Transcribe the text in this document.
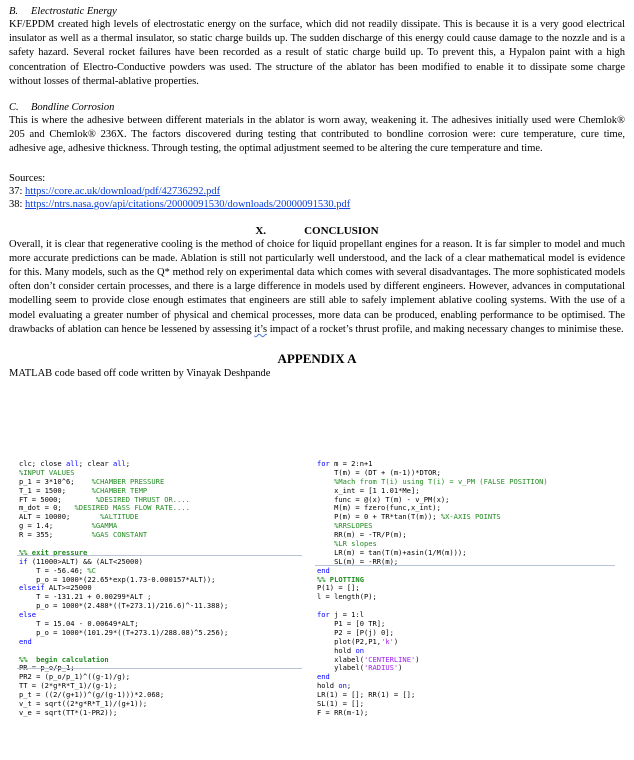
B. Electrostatic Energy

KF/EPDM created high levels of electrostatic energy on the surface, which did not readily dissipate. This is because it is a very good electrical insulator as well as a thermal insulator, so static charge builds up. The sudden discharge of this energy could cause damage to the nozzle and is a safety hazard. Several rocket failures have been recorded as a result of static charge build up. To prevent this, a Hypalon paint with a high concentration of Electro-Conductive powders was used. The structure of the ablator has been modified to enable it to dissipate some charge without losses of thermal-ablative properties.

C. Bondline Corrosion

This is where the adhesive between different materials in the ablator is worn away, weakening it. The adhesives initially used were Chemlok® 205 and Chemlok® 236X. The factors discovered during testing that contributed to bondline corrosion were: cure temperature, cure time, adhesive age, adhesive thickness. Through testing, the optimal adjustment seemed to be altering the cure temperature and time.

Sources:

37: https://core.ac.uk/download/pdf/42736292.pdf

38: https://ntrs.nasa.gov/api/citations/20000091530/downloads/20000091530.pdf

X.	CONCLUSION

Overall, it is clear that regenerative cooling is the method of choice for liquid propellant engines for a reason. It is far simpler to model and much more accurate predictions can be made. Ablation is still not particularly well understood, and the lack of a clear mathematical model is evidence for this. Many models, such as the Q* method rely on experimental data which comes with several disadvantages. The more sophisticated models often don’t consider certain processes, and there is a large difference in models used by different engineers. However, advances in computational modelling seem to provide close enough estimates that engineers are still able to safely implement ablative cooling systems. With the use of a model evaluating a greater number of physical and chemical processes, more data can be produced, enabling performance to be optimised. The drawbacks of ablation can hence be lessened by assessing it’s impact of a rocket’s thrust profile, and making necessary changes to minimise these.

APPENDIX A

MATLAB code based off code written by Vinayak Deshpande

clc; close all; clear all;
%INPUT VALUES
p_1 = 3*10^6;    %CHAMBER PRESSURE
T_1 = 1500;      %CHAMBER TEMP
FT = 5000;        %DESIRED THRUST OR....
m_dot = 0;   %DESIRED MASS FLOW RATE....
ALT = 10000;       %ALTITUDE
g = 1.4;         %GAMMA
R = 355;         %GAS CONSTANT
%% exit pressure
if (11000>ALT) && (ALT<25000)
T = -56.46; %C
p_o = 1000*(22.65*exp(1.73-0.000157*ALT));
elseif ALT>=25000
T = -131.21 + 0.00299*ALT ;
p_o = 1000*(2.488*((T+273.1)/216.6)^-11.388);
else
T = 15.04 - 0.00649*ALT;
p_o = 1000*(101.29*((T+273.1)/288.08)^5.256);
end
%%  begin calculation
PR = p_o/p_1;
PR2 = (p_o/p_1)^((g-1)/g);
TT = (2*g*R*T_1)/(g-1);
p_t = ((2/(g+1))^(g/(g-1)))*2.068;
v_t = sqrt((2*g*R*T_1)/(g+1));
v_e = sqrt(TT*(1-PR2));
for m = 2:n+1
T(m) = (DT + (m-1))*DTOR;
%Mach from T(i) using T(i) = v_PM (FALSE POSITION)
x_int = [1 1.01*Me];
func = @(x) T(m) - v_PM(x);
M(m) = fzero(func,x_int);
P(m) = 0 + TR*tan(T(m)); %X-AXIS POINTS
%RRSLOPES
RR(m) = -TR/P(m);
%LR slopes
LR(m) = tan(T(m)+asin(1/M(m)));
SL(m) = -RR(m);
end
%% PLOTTING
P(1) = [];
l = length(P);
for j = 1:l
P1 = [0 TR];
P2 = [P(j) 0];
plot(P2,P1,'k')
hold on
xlabel('CENTERLINE')
ylabel('RADIUS')
end
hold on;
LR(1) = []; RR(1) = [];
SL(1) = [];
F = RR(m-1);
